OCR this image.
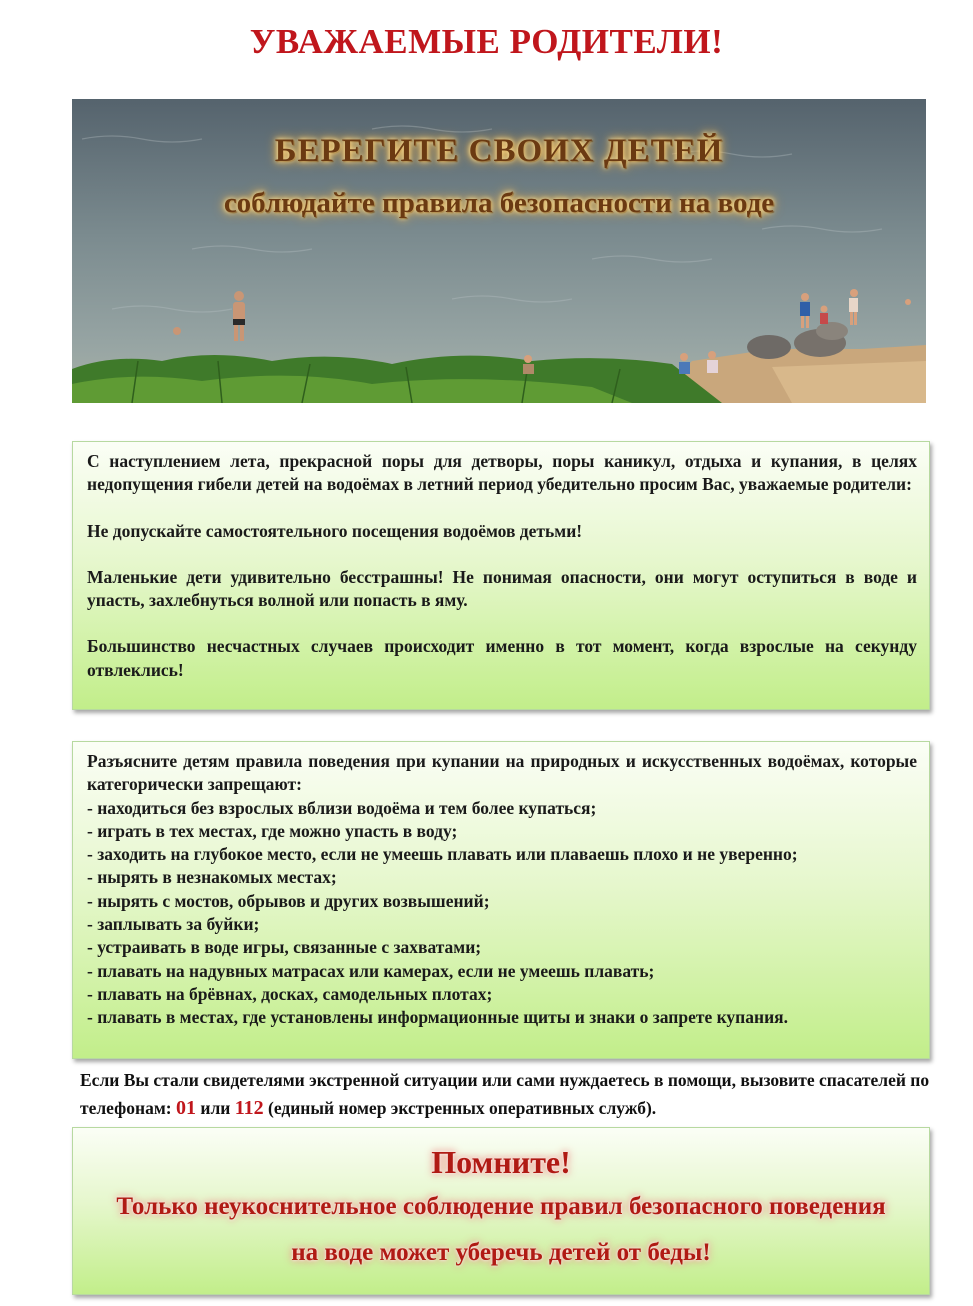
УВАЖАЕМЫЕ РОДИТЕЛИ!
БЕРЕГИТЕ СВОИХ ДЕТЕЙ
соблюдайте правила безопасности на воде

С наступлением лета, прекрасной поры для детворы, поры каникул, отдыха и купания, в целях недопущения гибели детей на водоёмах в летний период убедительно просим Вас, уважаемые родители:

Не допускайте самостоятельного посещения водоёмов детьми!

Маленькие дети удивительно бесстрашны! Не понимая опасности, они могут оступиться в воде и упасть, захлебнуться волной или попасть в яму.

Большинство несчастных случаев происходит именно в тот момент, когда взрослые на секунду отвлеклись!

Разъясните детям правила поведения при купании на природных и искусственных водоёмах, которые категорически запрещают:

- находиться без взрослых вблизи водоёма и тем более купаться;

- играть в тех местах, где можно упасть в воду;

- заходить на глубокое место, если не умеешь плавать или плаваешь плохо и не уверенно;

- нырять в незнакомых местах;

- нырять с мостов, обрывов и других возвышений;

- заплывать за буйки;

- устраивать в воде игры, связанные с захватами;

- плавать на надувных матрасах или камерах, если не умеешь плавать;

- плавать на брёвнах, досках, самодельных плотах;

- плавать в местах, где установлены информационные щиты и знаки о запрете купания.

Если Вы стали свидетелями экстренной ситуации или сами нуждаетесь в помощи, вызовите спасателей по телефонам: 01 или 112 (единый номер экстренных оперативных служб).
Помните!
Только неукоснительное соблюдение правил безопасного поведения
на воде может уберечь детей от беды!
